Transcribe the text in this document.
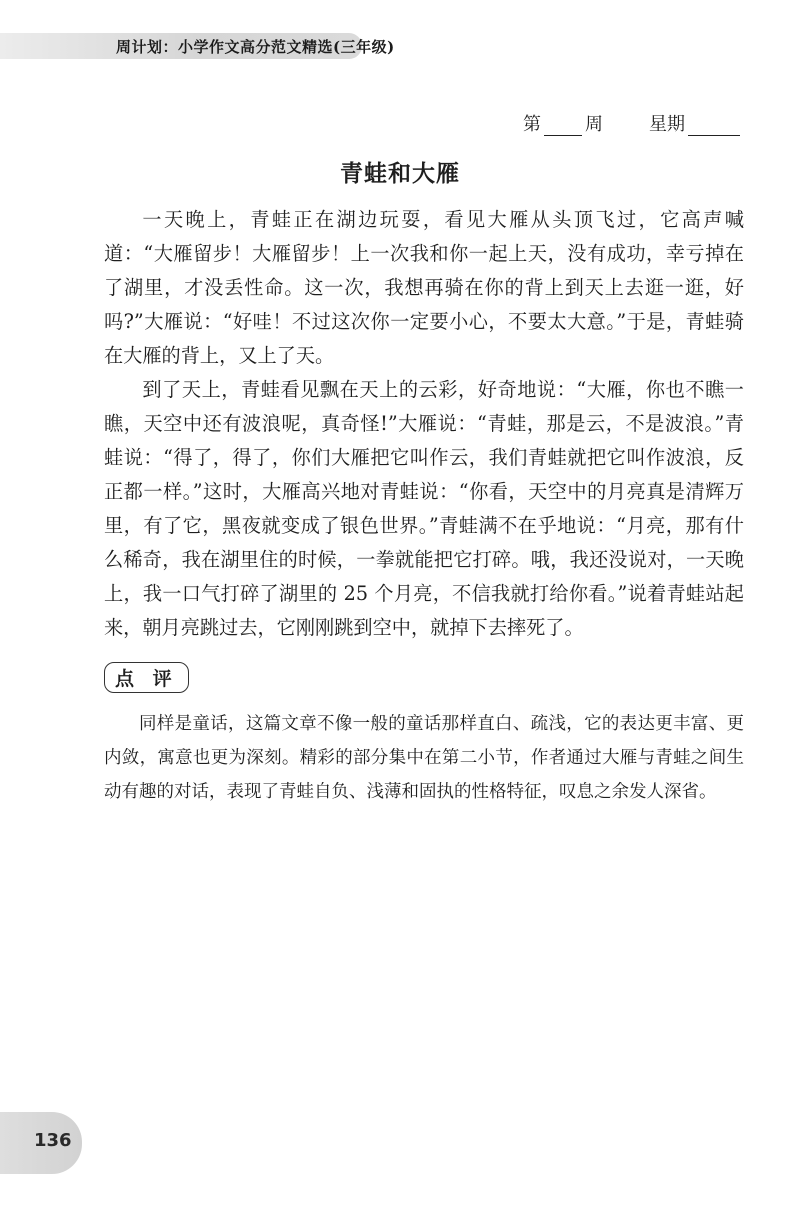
周计划：小学作文高分范文精选(三年级)
第 周	星期
青蛙和大雁

一天晚上，青蛙正在湖边玩耍，看见大雁从头顶飞过，它高声喊道：“大雁留步！大雁留步！上一次我和你一起上天，没有成功，幸亏掉在了湖里，才没丢性命。这一次，我想再骑在你的背上到天上去逛一逛，好吗?”大雁说：“好哇！不过这次你一定要小心，不要太大意。”于是，青蛙骑在大雁的背上，又上了天。

到了天上，青蛙看见飘在天上的云彩，好奇地说：“大雁，你也不瞧一瞧，天空中还有波浪呢，真奇怪!”大雁说：“青蛙，那是云，不是波浪。”青蛙说：“得了，得了，你们大雁把它叫作云，我们青蛙就把它叫作波浪，反正都一样。”这时，大雁高兴地对青蛙说：“你看，天空中的月亮真是清辉万里，有了它，黑夜就变成了银色世界。”青蛙满不在乎地说：“月亮，那有什么稀奇，我在湖里住的时候，一拳就能把它打碎。哦，我还没说对，一天晚上，我一口气打碎了湖里的 25 个月亮，不信我就打给你看。”说着青蛙站起来，朝月亮跳过去，它刚刚跳到空中，就掉下去摔死了。

点 评

同样是童话，这篇文章不像一般的童话那样直白、疏浅，它的表达更丰富、更内敛，寓意也更为深刻。精彩的部分集中在第二小节，作者通过大雁与青蛙之间生动有趣的对话，表现了青蛙自负、浅薄和固执的性格特征，叹息之余发人深省。

136
